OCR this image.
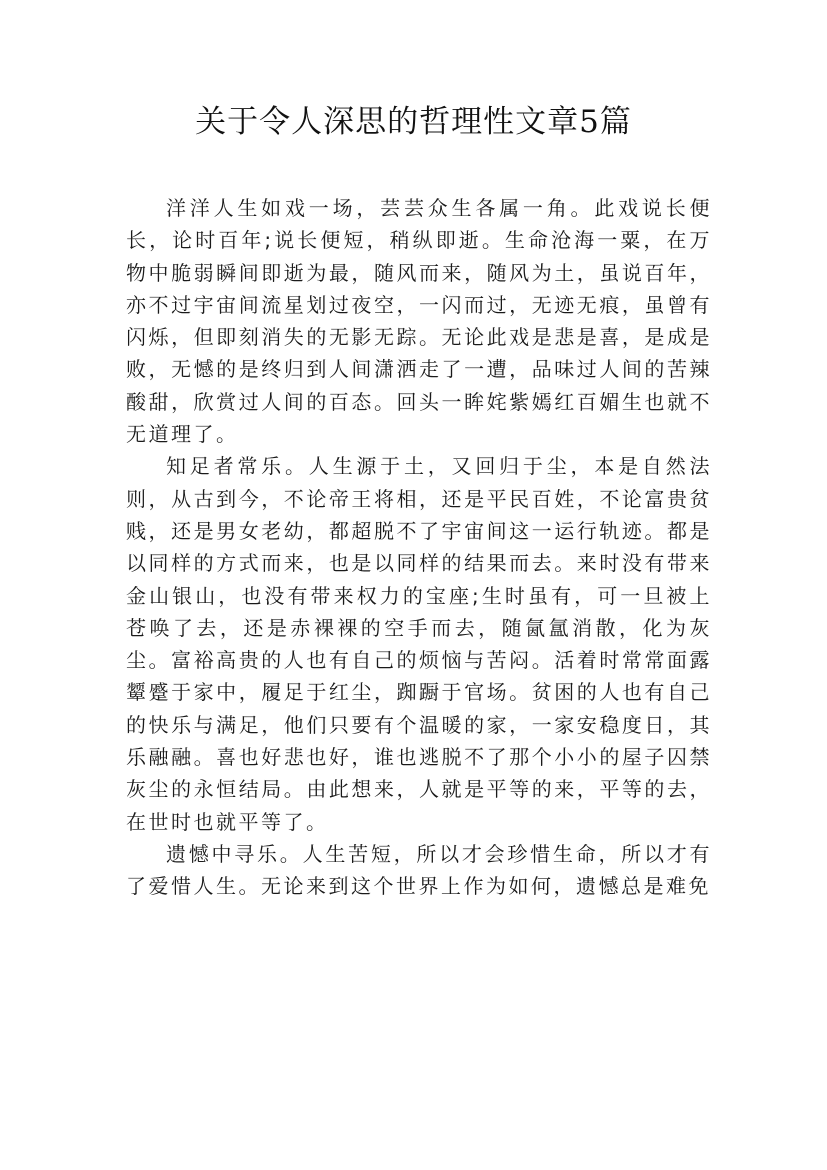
关于令人深思的哲理性文章5篇

洋洋人生如戏一场，芸芸众生各属一角。此戏说长便长，论时百年;说长便短，稍纵即逝。生命沧海一粟，在万物中脆弱瞬间即逝为最，随风而来，随风为土，虽说百年，亦不过宇宙间流星划过夜空，一闪而过，无迹无痕，虽曾有闪烁，但即刻消失的无影无踪。无论此戏是悲是喜，是成是败，无憾的是终归到人间潇洒走了一遭，品味过人间的苦辣酸甜，欣赏过人间的百态。回头一眸姹紫嫣红百媚生也就不无道理了。

知足者常乐。人生源于土，又回归于尘，本是自然法则，从古到今，不论帝王将相，还是平民百姓，不论富贵贫贱，还是男女老幼，都超脱不了宇宙间这一运行轨迹。都是以同样的方式而来，也是以同样的结果而去。来时没有带来金山银山，也没有带来权力的宝座;生时虽有，可一旦被上苍唤了去，还是赤裸裸的空手而去，随氤氲消散，化为灰尘。富裕高贵的人也有自己的烦恼与苦闷。活着时常常面露颦蹙于家中，履足于红尘，踟蹰于官场。贫困的人也有自己的快乐与满足，他们只要有个温暖的家，一家安稳度日，其乐融融。喜也好悲也好，谁也逃脱不了那个小小的屋子囚禁灰尘的永恒结局。由此想来，人就是平等的来，平等的去，在世时也就平等了。

遗憾中寻乐。人生苦短，所以才会珍惜生命，所以才有了爱惜人生。无论来到这个世界上作为如何，遗憾总是难免
